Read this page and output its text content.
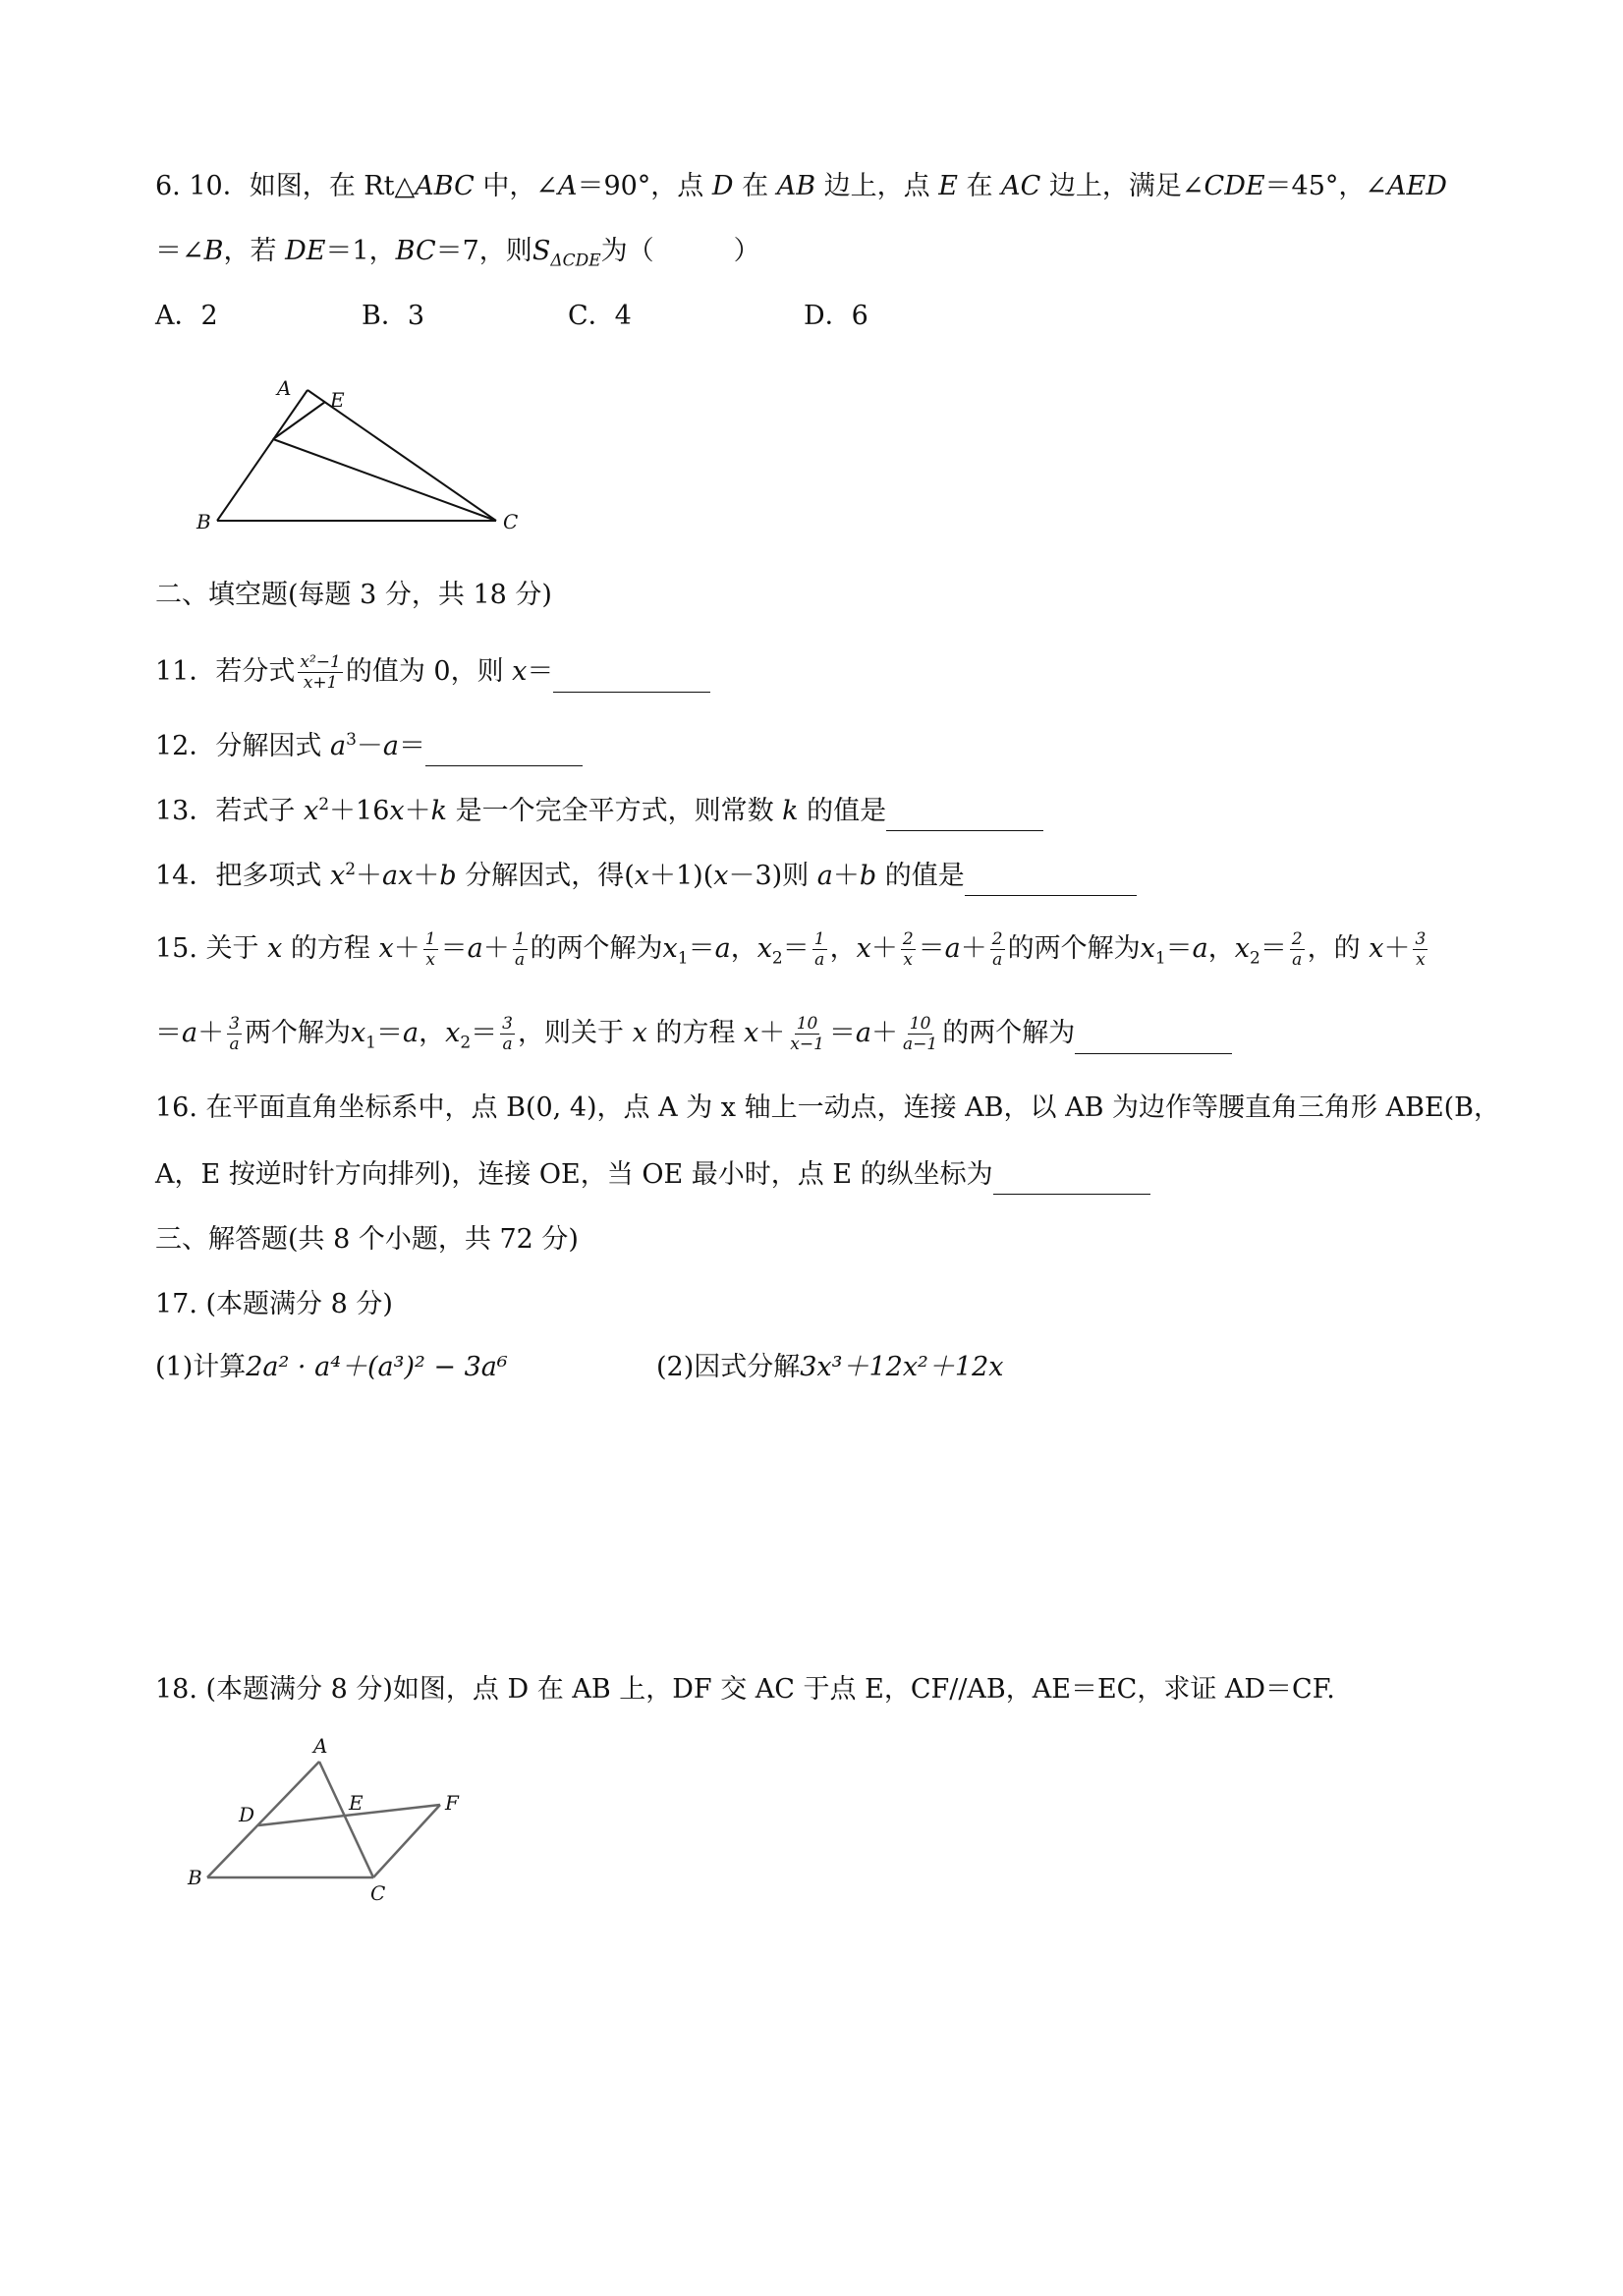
6. 10．如图，在 Rt△ABC 中，∠A＝90°，点 D 在 AB 边上，点 E 在 AC 边上，满足∠CDE＝45°，∠AED
＝∠B，若 DE＝1，BC＝7，则$S_{\Delta CDE}$为（　　　）
A．2	B．3	C．4	D．6
A E
B	C
二、填空题(每题 3 分，共 18 分)
11．若分式 $\frac{\text{x²−1}}{x+1}$ 的值为 0，则 x＝
12．分解因式 $a^3-a=$
13．若式子 $x^2+16x+k$ 是一个完全平方式，则常数 k 的值是
14．把多项式 $x^2+ax+b$ 分解因式，得(x＋1)(x－3)则 a＋b 的值是
15. 关于 x 的方程 $x+ \frac{1}{x} =a+ \frac{1}{a}$ 的两个解为$x_1=a$，$x_2= \frac{1}{a}$ ，$x+ \frac{2}{x} =a+ \frac{2}{a}$ 的两个解为$x_1=a$，$x_2= \frac{2}{a}$ ，的 $x+ \frac{3}{x}$
$=a+ \frac{3}{a}$ 两个解为$x_1=a$，$x_2= \frac{3}{a}$ ，则关于 x 的方程 $x+ \frac{10}{x-1} =a+ \frac{10}{a-1}$ 的两个解为
16. 在平面直角坐标系中，点 B(0, 4)，点 A 为 x 轴上一动点，连接 AB，以 AB 为边作等腰直角三角形 ABE(B，
A，E 按逆时针方向排列)，连接 OE，当 OE 最小时，点 E 的纵坐标为
三、解答题(共 8 个小题，共 72 分)
17. (本题满分 8 分)
(1)计算2a² · a⁴＋(a³)² − 3a⁶	(2)因式分解3x³＋12x²＋12x
18. (本题满分 8 分)如图，点 D 在 AB 上，DF 交 AC 于点 E，CF//AB，AE＝EC，求证 AD＝CF.
A
D	E	F
B
C
